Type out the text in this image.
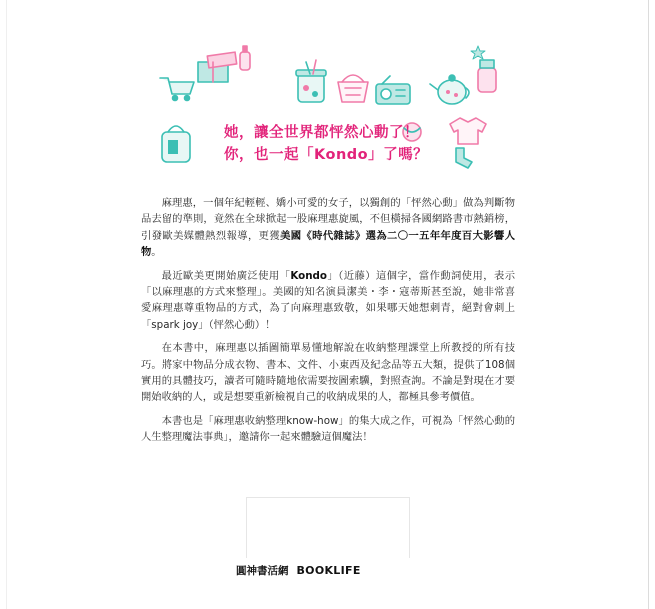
她，讓全世界都怦然心動了！
你，也一起「Kondo」了嗎？

麻理惠，一個年紀輕輕、嬌小可愛的女子，以獨創的「怦然心動」做為判斷物品去留的準則，竟然在全球掀起一股麻理惠旋風，不但橫掃各國網路書市熱銷榜，引發歐美媒體熱烈報導，更獲美國《時代雜誌》選為二〇一五年年度百大影響人物。

最近歐美更開始廣泛使用「Kondo」（近藤）這個字，當作動詞使用，表示「以麻理惠的方式來整理」。美國的知名演員潔美・李・寇蒂斯甚至說，她非常喜愛麻理惠尊重物品的方式，為了向麻理惠致敬，如果哪天她想刺青，絕對會刺上「spark joy」（怦然心動）！

在本書中，麻理惠以插圖簡單易懂地解說在收納整理課堂上所教授的所有技巧。將家中物品分成衣物、書本、文件、小東西及紀念品等五大類，提供了108個實用的具體技巧，讀者可隨時隨地依需要按圖索驥，對照查詢。不論是對現在才要開始收納的人，或是想要重新檢視自己的收納成果的人，都極具參考價值。

本書也是「麻理惠收納整理know-how」的集大成之作，可視為「怦然心動的人生整理魔法事典」，邀請你一起來體驗這個魔法！

圓神書活網 BOOKLIFE
